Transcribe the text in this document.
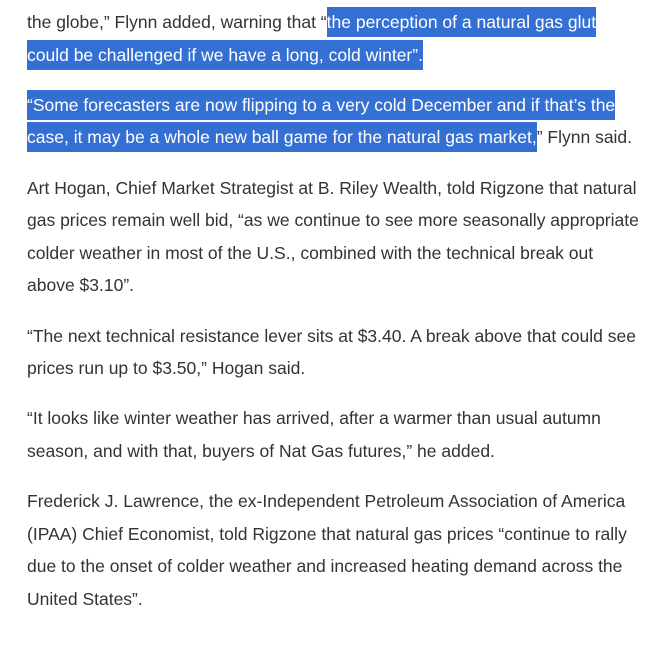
the globe,” Flynn added, warning that “the perception of a natural gas glut could be challenged if we have a long, cold winter”.

“Some forecasters are now flipping to a very cold December and if that’s the case, it may be a whole new ball game for the natural gas market,” Flynn said.

Art Hogan, Chief Market Strategist at B. Riley Wealth, told Rigzone that natural gas prices remain well bid, “as we continue to see more seasonally appropriate colder weather in most of the U.S., combined with the technical break out above $3.10”.

“The next technical resistance lever sits at $3.40. A break above that could see prices run up to $3.50,” Hogan said.

“It looks like winter weather has arrived, after a warmer than usual autumn season, and with that, buyers of Nat Gas futures,” he added.

Frederick J. Lawrence, the ex-Independent Petroleum Association of America (IPAA) Chief Economist, told Rigzone that natural gas prices “continue to rally due to the onset of colder weather and increased heating demand across the United States”.
